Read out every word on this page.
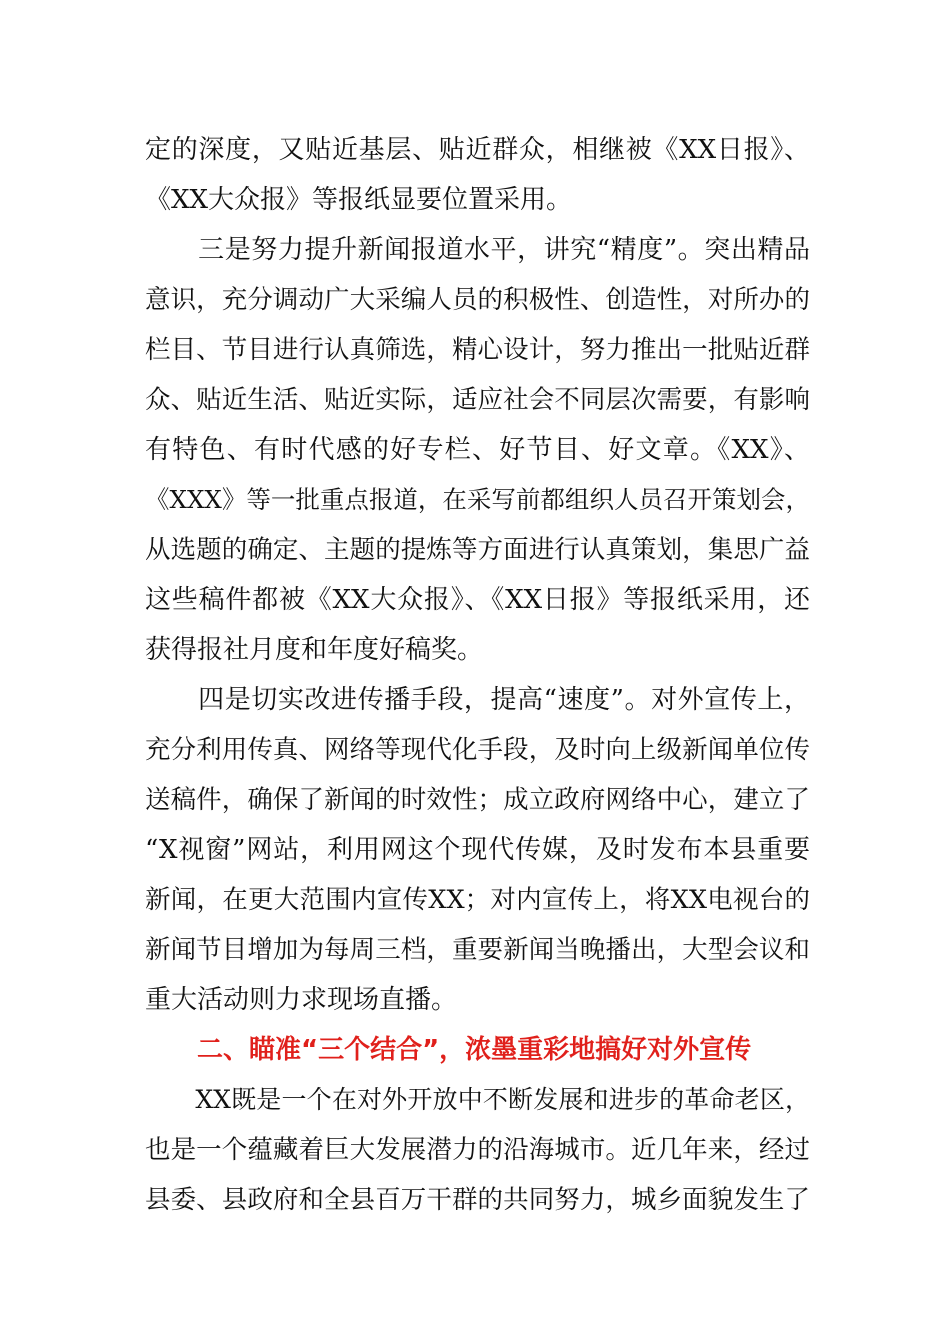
定的深度，又贴近基层、贴近群众，相继被《XX日报》、
《XX大众报》等报纸显要位置采用。
　　三是努力提升新闻报道水平，讲究“精度”。突出精品
意识，充分调动广大采编人员的积极性、创造性，对所办的
栏目、节目进行认真筛选，精心设计，努力推出一批贴近群
众、贴近生活、贴近实际，适应社会不同层次需要，有影响
有特色、有时代感的好专栏、好节目、好文章。《XX》、
《XXX》等一批重点报道，在采写前都组织人员召开策划会，
从选题的确定、主题的提炼等方面进行认真策划，集思广益
这些稿件都被《XX大众报》、《XX日报》等报纸采用，还
获得报社月度和年度好稿奖。
　　四是切实改进传播手段，提高“速度”。对外宣传上，
充分利用传真、网络等现代化手段，及时向上级新闻单位传
送稿件，确保了新闻的时效性；成立政府网络中心，建立了
“X视窗”网站，利用网这个现代传媒，及时发布本县重要
新闻，在更大范围内宣传XX；对内宣传上，将XX电视台的
新闻节目增加为每周三档，重要新闻当晚播出，大型会议和
重大活动则力求现场直播。
　　二、瞄准“三个结合”，浓墨重彩地搞好对外宣传
　　XX既是一个在对外开放中不断发展和进步的革命老区，
也是一个蕴藏着巨大发展潜力的沿海城市。近几年来，经过
县委、县政府和全县百万干群的共同努力，城乡面貌发生了
